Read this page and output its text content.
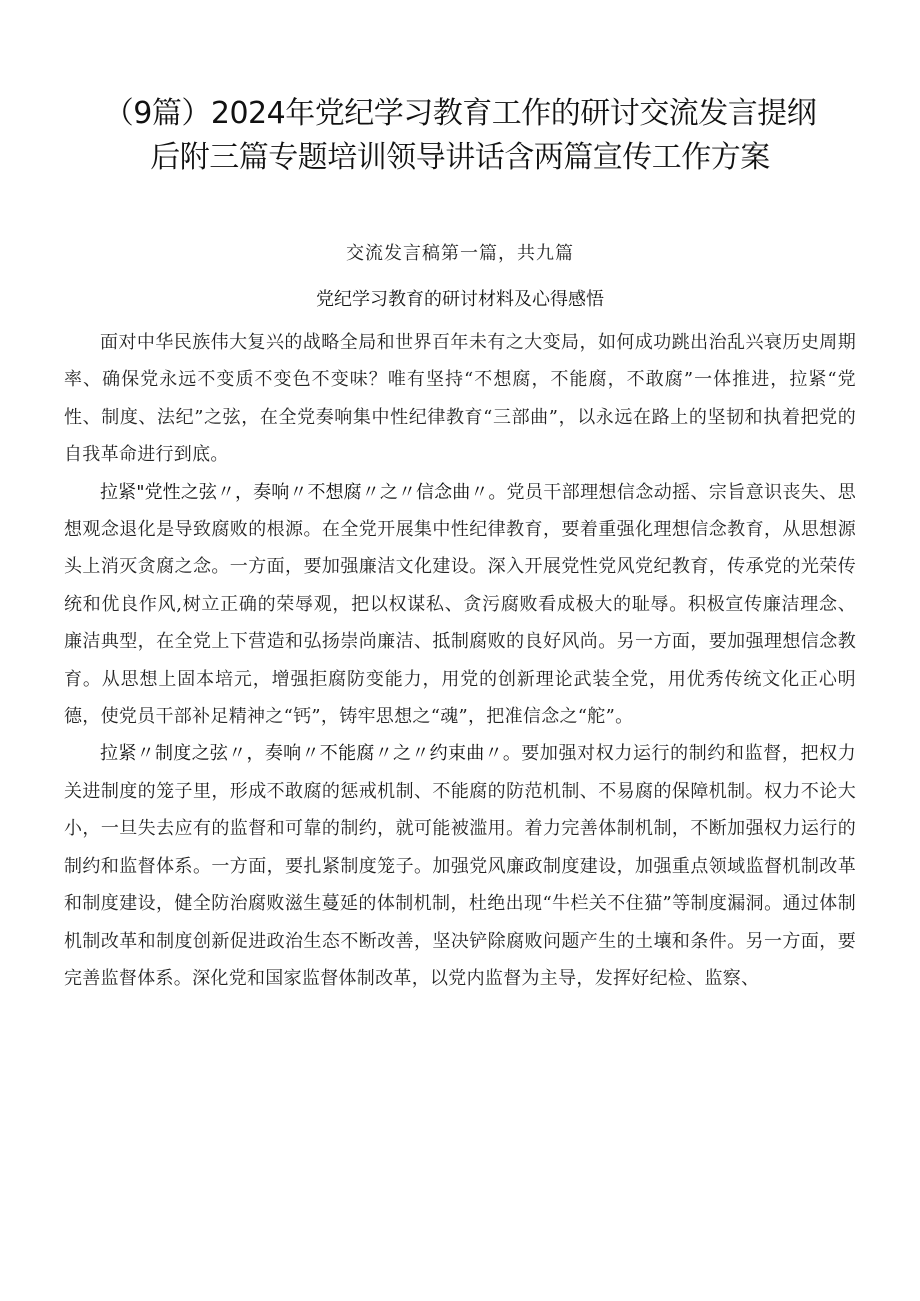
（9篇）2024年党纪学习教育工作的研讨交流发言提纲
后附三篇专题培训领导讲话含两篇宣传工作方案
交流发言稿第一篇，共九篇
党纪学习教育的研讨材料及心得感悟

面对中华民族伟大复兴的战略全局和世界百年未有之大变局，如何成功跳出治乱兴衰历史周期率、确保党永远不变质不变色不变味？唯有坚持“不想腐，不能腐，不敢腐”一体推进，拉紧“党性、制度、法纪”之弦，在全党奏响集中性纪律教育“三部曲”，以永远在路上的坚韧和执着把党的自我革命进行到底。

拉紧"党性之弦〃，奏响〃不想腐〃之〃信念曲〃。党员干部理想信念动摇、宗旨意识丧失、思想观念退化是导致腐败的根源。在全党开展集中性纪律教育，要着重强化理想信念教育，从思想源头上消灭贪腐之念。一方面，要加强廉洁文化建设。深入开展党性党风党纪教育，传承党的光荣传统和优良作风,树立正确的荣辱观，把以权谋私、贪污腐败看成极大的耻辱。积极宣传廉洁理念、廉洁典型，在全党上下营造和弘扬崇尚廉洁、抵制腐败的良好风尚。另一方面，要加强理想信念教育。从思想上固本培元，增强拒腐防变能力，用党的创新理论武装全党，用优秀传统文化正心明德，使党员干部补足精神之“钙”，铸牢思想之“魂”，把准信念之“舵”。

拉紧〃制度之弦〃，奏响〃不能腐〃之〃约束曲〃。要加强对权力运行的制约和监督，把权力关进制度的笼子里，形成不敢腐的惩戒机制、不能腐的防范机制、不易腐的保障机制。权力不论大小，一旦失去应有的监督和可靠的制约，就可能被滥用。着力完善体制机制，不断加强权力运行的制约和监督体系。一方面，要扎紧制度笼子。加强党风廉政制度建设，加强重点领域监督机制改革和制度建设，健全防治腐败滋生蔓延的体制机制，杜绝出现“牛栏关不住猫”等制度漏洞。通过体制机制改革和制度创新促进政治生态不断改善，坚决铲除腐败问题产生的土壤和条件。另一方面，要完善监督体系。深化党和国家监督体制改革，以党内监督为主导，发挥好纪检、监察、
